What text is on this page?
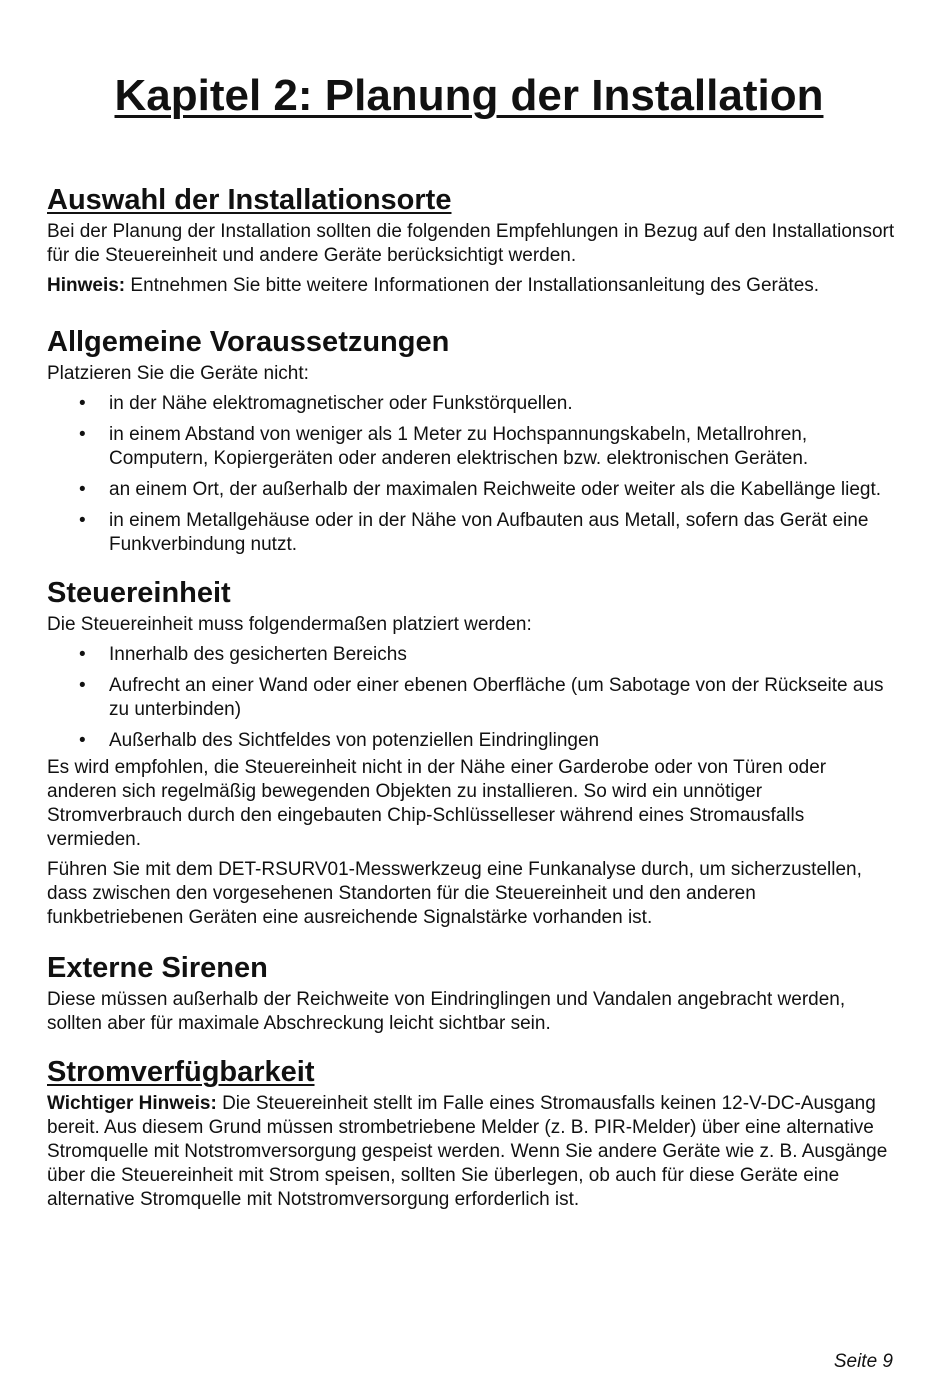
Kapitel 2: Planung der Installation
Auswahl der Installationsorte

Bei der Planung der Installation sollten die folgenden Empfehlungen in Bezug auf den Installationsort für die Steuereinheit und andere Geräte berücksichtigt werden.

Hinweis: Entnehmen Sie bitte weitere Informationen der Installationsanleitung des Gerätes.

Allgemeine Voraussetzungen

Platzieren Sie die Geräte nicht:

• in der Nähe elektromagnetischer oder Funkstörquellen.
• in einem Abstand von weniger als 1 Meter zu Hochspannungskabeln, Metallrohren, Computern, Kopiergeräten oder anderen elektrischen bzw. elektronischen Geräten.
• an einem Ort, der außerhalb der maximalen Reichweite oder weiter als die Kabellänge liegt.
• in einem Metallgehäuse oder in der Nähe von Aufbauten aus Metall, sofern das Gerät eine Funkverbindung nutzt.
Steuereinheit

Die Steuereinheit muss folgendermaßen platziert werden:

• Innerhalb des gesicherten Bereichs
• Aufrecht an einer Wand oder einer ebenen Oberfläche (um Sabotage von der Rückseite aus zu unterbinden)
• Außerhalb des Sichtfeldes von potenziellen Eindringlingen

Es wird empfohlen, die Steuereinheit nicht in der Nähe einer Garderobe oder von Türen oder anderen sich regelmäßig bewegenden Objekten zu installieren. So wird ein unnötiger Stromverbrauch durch den eingebauten Chip-Schlüsselleser während eines Stromausfalls vermieden.

Führen Sie mit dem DET-RSURV01-Messwerkzeug eine Funkanalyse durch, um sicherzustellen, dass zwischen den vorgesehenen Standorten für die Steuereinheit und den anderen funkbetriebenen Geräten eine ausreichende Signalstärke vorhanden ist.

Externe Sirenen

Diese müssen außerhalb der Reichweite von Eindringlingen und Vandalen angebracht werden, sollten aber für maximale Abschreckung leicht sichtbar sein.

Stromverfügbarkeit

Wichtiger Hinweis: Die Steuereinheit stellt im Falle eines Stromausfalls keinen 12-V-DC-Ausgang bereit. Aus diesem Grund müssen strombetriebene Melder (z. B. PIR-Melder) über eine alternative Stromquelle mit Notstromversorgung gespeist werden. Wenn Sie andere Geräte wie z. B. Ausgänge über die Steuereinheit mit Strom speisen, sollten Sie überlegen, ob auch für diese Geräte eine alternative Stromquelle mit Notstromversorgung erforderlich ist.

Seite 9
